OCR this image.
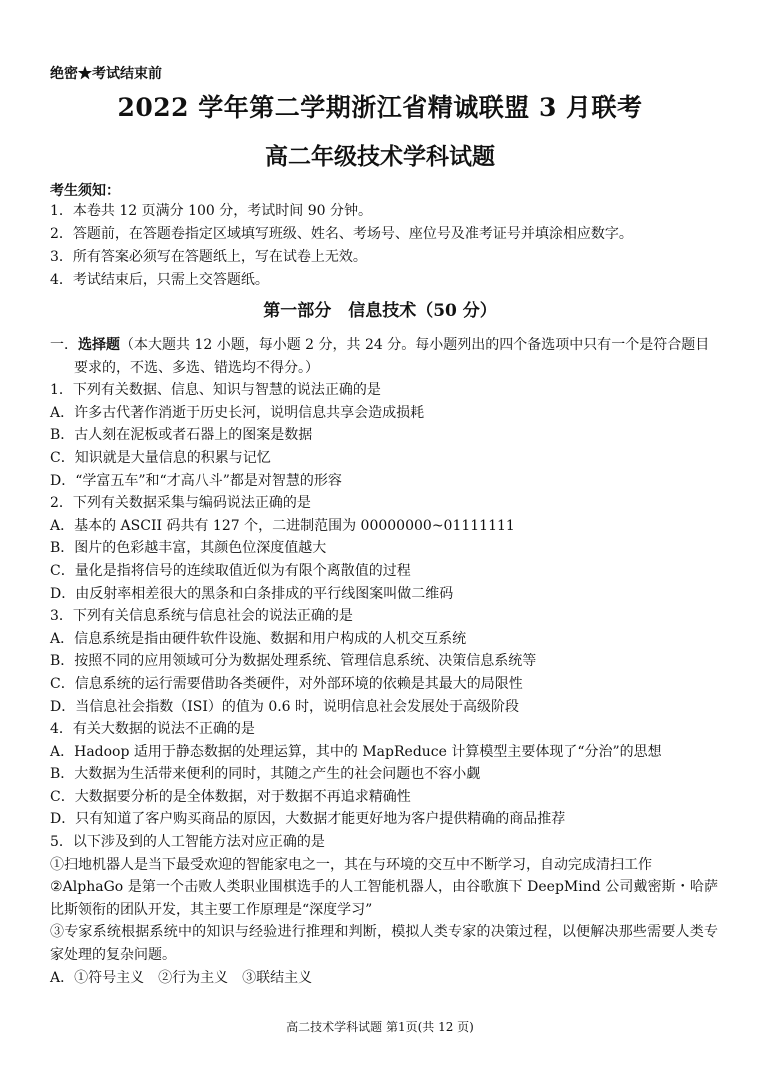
绝密★考试结束前
2022 学年第二学期浙江省精诚联盟 3 月联考
高二年级技术学科试题
考生须知：
1．本卷共 12 页满分 100 分，考试时间 90 分钟。
2．答题前，在答题卷指定区域填写班级、姓名、考场号、座位号及准考证号并填涂相应数字。
3．所有答案必须写在答题纸上，写在试卷上无效。
4．考试结束后，只需上交答题纸。
第一部分　信息技术（50 分）
一．选择题（本大题共 12 小题，每小题 2 分，共 24 分。每小题列出的四个备选项中只有一个是符合题目要求的，不选、多选、错选均不得分。）
1．下列有关数据、信息、知识与智慧的说法正确的是
A．许多古代著作消逝于历史长河，说明信息共享会造成损耗
B．古人刻在泥板或者石器上的图案是数据
C．知识就是大量信息的积累与记忆
D．“学富五车”和“才高八斗”都是对智慧的形容
2．下列有关数据采集与编码说法正确的是
A．基本的 ASCII 码共有 127 个，二进制范围为 00000000~01111111
B．图片的色彩越丰富，其颜色位深度值越大
C．量化是指将信号的连续取值近似为有限个离散值的过程
D．由反射率相差很大的黑条和白条排成的平行线图案叫做二维码
3．下列有关信息系统与信息社会的说法正确的是
A．信息系统是指由硬件软件设施、数据和用户构成的人机交互系统
B．按照不同的应用领域可分为数据处理系统、管理信息系统、决策信息系统等
C．信息系统的运行需要借助各类硬件，对外部环境的依赖是其最大的局限性
D．当信息社会指数（ISI）的值为 0.6 时，说明信息社会发展处于高级阶段
4．有关大数据的说法不正确的是
A．Hadoop 适用于静态数据的处理运算，其中的 MapReduce 计算模型主要体现了“分治”的思想
B．大数据为生活带来便利的同时，其随之产生的社会问题也不容小觑
C．大数据要分析的是全体数据，对于数据不再追求精确性
D．只有知道了客户购买商品的原因，大数据才能更好地为客户提供精确的商品推荐
5．以下涉及到的人工智能方法对应正确的是
①扫地机器人是当下最受欢迎的智能家电之一，其在与环境的交互中不断学习，自动完成清扫工作
②AlphaGo 是第一个击败人类职业围棋选手的人工智能机器人，由谷歌旗下 DeepMind 公司戴密斯・哈萨比斯领衔的团队开发，其主要工作原理是“深度学习”
③专家系统根据系统中的知识与经验进行推理和判断，模拟人类专家的决策过程，以便解决那些需要人类专家处理的复杂问题。
A．①符号主义　②行为主义　③联结主义
高二技术学科试题 第1页(共 12 页)
